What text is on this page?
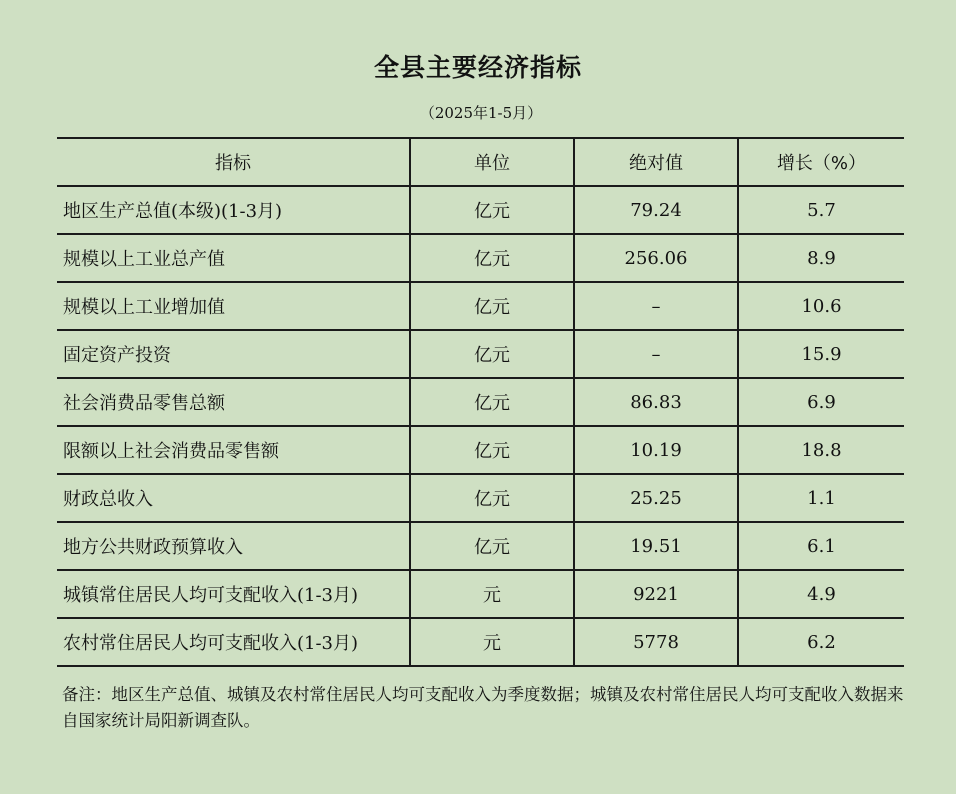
全县主要经济指标
（2025年1-5月）
指标	单位	绝对值	增长（%）
地区生产总值(本级)(1-3月)	亿元	79.24	5.7
规模以上工业总产值	亿元	256.06	8.9
规模以上工业增加值	亿元	–	10.6
固定资产投资	亿元	–	15.9
社会消费品零售总额	亿元	86.83	6.9
限额以上社会消费品零售额	亿元	10.19	18.8
财政总收入	亿元	25.25	1.1
地方公共财政预算收入	亿元	19.51	6.1
城镇常住居民人均可支配收入(1-3月)	元	9221	4.9
农村常住居民人均可支配收入(1-3月)	元	5778	6.2
备注：地区生产总值、城镇及农村常住居民人均可支配收入为季度数据；城镇及农村常住居民人均可支配收入数据来自国家统计局阳新调查队。
